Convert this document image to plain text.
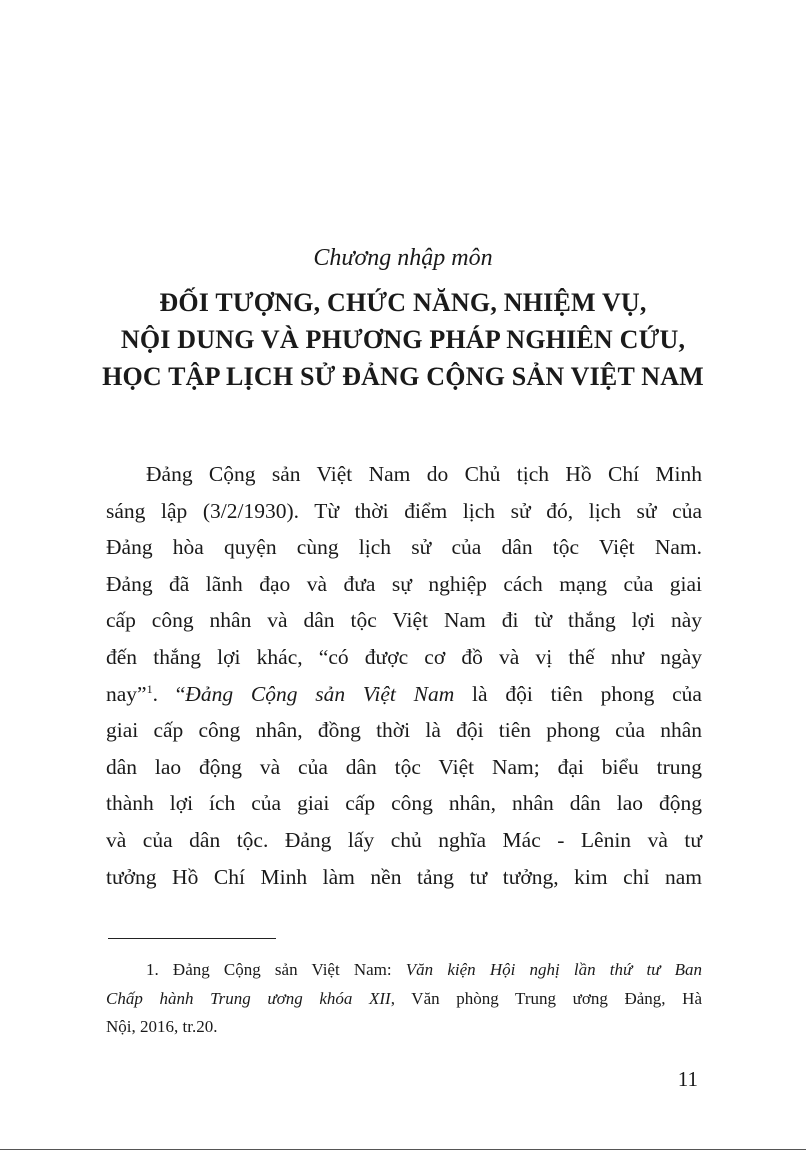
Chương nhập môn
ĐỐI TƯỢNG, CHỨC NĂNG, NHIỆM VỤ,
NỘI DUNG VÀ PHƯƠNG PHÁP NGHIÊN CỨU,
HỌC TẬP LỊCH SỬ ĐẢNG CỘNG SẢN VIỆT NAM
Đảng Cộng sản Việt Nam do Chủ tịch Hồ Chí Minh
sáng lập (3/2/1930). Từ thời điểm lịch sử đó, lịch sử của
Đảng hòa quyện cùng lịch sử của dân tộc Việt Nam.
Đảng đã lãnh đạo và đưa sự nghiệp cách mạng của giai
cấp công nhân và dân tộc Việt Nam đi từ thắng lợi này
đến thắng lợi khác, “có được cơ đồ và vị thế như ngày
nay”$^1$. “Đảng Cộng sản Việt Nam là đội tiên phong của
giai cấp công nhân, đồng thời là đội tiên phong của nhân
dân lao động và của dân tộc Việt Nam; đại biểu trung
thành lợi ích của giai cấp công nhân, nhân dân lao động
và của dân tộc. Đảng lấy chủ nghĩa Mác - Lênin và tư
tưởng Hồ Chí Minh làm nền tảng tư tưởng, kim chỉ nam
1. Đảng Cộng sản Việt Nam: Văn kiện Hội nghị lần thứ tư Ban
Chấp hành Trung ương khóa XII, Văn phòng Trung ương Đảng, Hà
Nội, 2016, tr.20.
11
